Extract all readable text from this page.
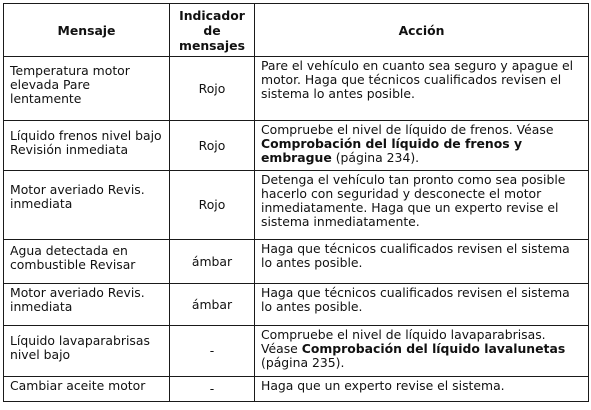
Mensaje	Indicador de mensajes	Acción
Temperatura motor elevada Pare lentamente	Rojo	Pare el vehículo en cuanto sea seguro y apague el motor. Haga que técnicos cualificados revisen el sistema lo antes posible.
Líquido frenos nivel bajo Revisión inmediata	Rojo	Compruebe el nivel de líquido de frenos. Véase Comprobación del líquido de frenos y embrague (página 234).
Motor averiado Revis. inmediata	Rojo	Detenga el vehículo tan pronto como sea posible hacerlo con seguridad y desconecte el motor inmediatamente. Haga que un experto revise el sistema inmediatamente.
Agua detectada en combustible Revisar	ámbar	Haga que técnicos cualificados revisen el sistema lo antes posible.
Motor averiado Revis. inmediata	ámbar	Haga que técnicos cualificados revisen el sistema lo antes posible.
Líquido lavaparabrisas nivel bajo	-	Compruebe el nivel de líquido lavaparabrisas. Véase Comprobación del líquido lavalunetas (página 235).
Cambiar aceite motor	-	Haga que un experto revise el sistema.
